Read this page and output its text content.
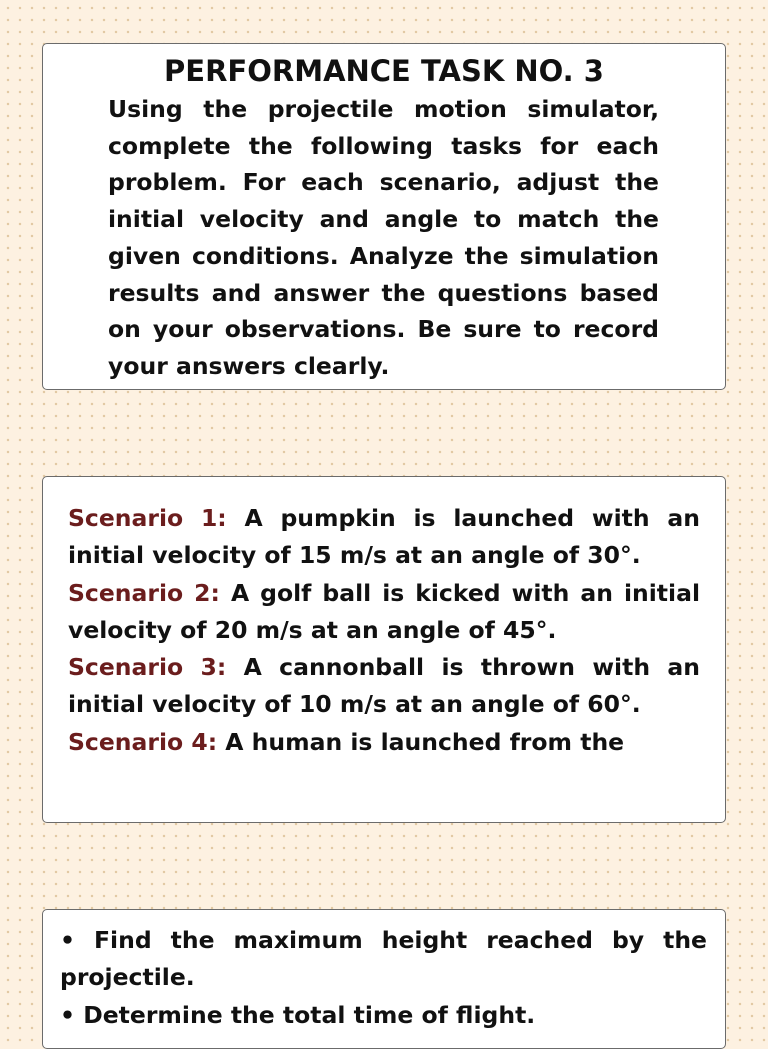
PERFORMANCE TASK NO. 3

Using the projectile motion simulator, complete the following tasks for each problem. For each scenario, adjust the initial velocity and angle to match the given conditions. Analyze the simulation results and answer the questions based on your observations. Be sure to record your answers clearly.

Scenario 1: A pumpkin is launched with an initial velocity of 15 m/s at an angle of 30°.

Scenario 2: A golf ball is kicked with an initial velocity of 20 m/s at an angle of 45°.

Scenario 3: A cannonball is thrown with an initial velocity of 10 m/s at an angle of 60°.

Scenario 4: A human is launched from the

• Find the maximum height reached by the projectile.

• Determine the total time of flight.
